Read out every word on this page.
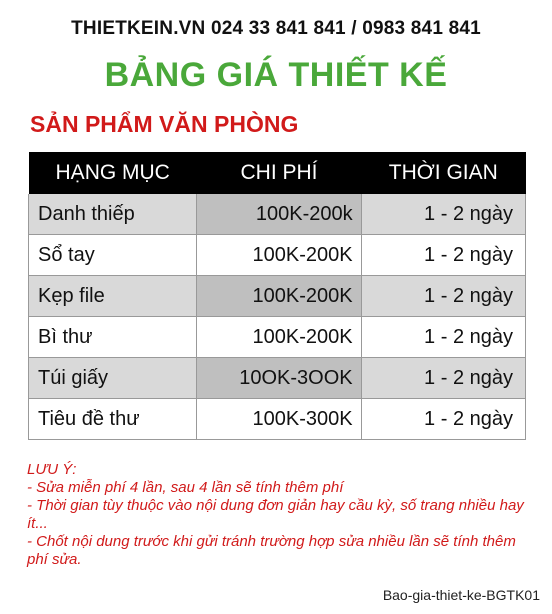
THIETKEIN.VN 024 33 841 841 / 0983 841 841
BẢNG GIÁ THIẾT KẾ
SẢN PHẨM VĂN PHÒNG
HẠNG MỤC	CHI PHÍ	THỜI GIAN
Danh thiếp	100K-200k	1 - 2 ngày
Sổ tay	100K-200K	1 - 2 ngày
Kẹp file	100K-200K	1 - 2 ngày
Bì thư	100K-200K	1 - 2 ngày
Túi giấy	10OK-3OOK	1 - 2 ngày
Tiêu đề thư	100K-300K	1 - 2 ngày
LƯU Ý:
- Sửa miễn phí 4 lần, sau 4 lần sẽ tính thêm phí
- Thời gian tùy thuộc vào nội dung đơn giản hay cầu kỳ, số trang nhiều hay ít...
- Chốt nội dung trước khi gửi tránh trường hợp sửa nhiều lần sẽ tính thêm phí sửa.
Bao-gia-thiet-ke-BGTK01
